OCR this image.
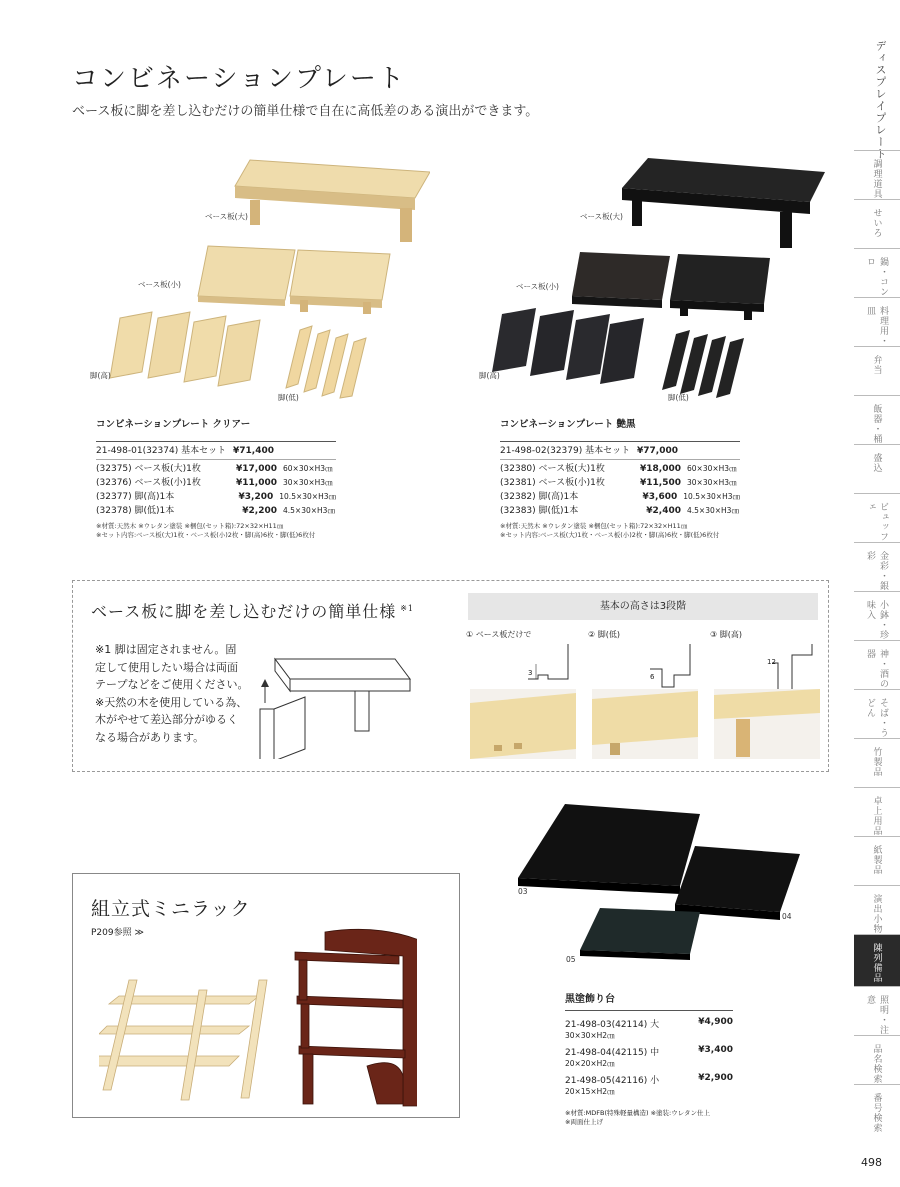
ディスプレイプレート
調理道具
せいろ
鍋・コンロ
料理用・皿
弁当
飯器・桶
盛込
ビュッフェ
金彩・銀彩
小鉢・珍味入
神・酒の器
そば・うどん
竹製品
卓上用品
紙製品
演出小物
陳列備品
照明・注意
品名検索
番号検索
コンビネーションプレート
ベース板に脚を差し込むだけの簡単仕様で自在に高低差のある演出ができます。
ベース板(大)
ベース板(小)
脚(高)
脚(低)
ベース板(大)
ベース板(小)
脚(高)
脚(低)
コンビネーションプレート クリアー
21-498-01(32374) 基本セット ¥71,400
(32375) ベース板(大)1枚	¥17,000 60×30×H3㎝
(32376) ベース板(小)1枚	¥11,000 30×30×H3㎝
(32377) 脚(高)1本	¥3,200 10.5×30×H3㎝
(32378) 脚(低)1本	¥2,200 4.5×30×H3㎝
※材質:天然木 ※ウレタン塗装 ※梱包(セット箱):72×32×H11㎝
※セット内容:ベース板(大)1枚・ベース板(小)2枚・脚(高)6枚・脚(低)6枚付
コンビネーションプレート 艶黒
21-498-02(32379) 基本セット ¥77,000
(32380) ベース板(大)1枚	¥18,000 60×30×H3㎝
(32381) ベース板(小)1枚	¥11,500 30×30×H3㎝
(32382) 脚(高)1本	¥3,600 10.5×30×H3㎝
(32383) 脚(低)1本	¥2,400 4.5×30×H3㎝
※材質:天然木 ※ウレタン塗装 ※梱包(セット箱):72×32×H11㎝
※セット内容:ベース板(大)1枚・ベース板(小)2枚・脚(高)6枚・脚(低)6枚付
ベース板に脚を差し込むだけの簡単仕様 $^{※1}$
※1 脚は固定されません。固
定して使用したい場合は両面
テープなどをご使用ください。
※天然の木を使用している為、
木がやせて差込部分がゆるく
なる場合があります。
基本の高さは3段階
① ベース板だけで	② 脚(低)	③ 脚(高)
3	6
12
03
04
05
黒塗飾り台
21-498-03(42114) 大	¥4,900
30×30×H2㎝
21-498-04(42115) 中	¥3,400
20×20×H2㎝
21-498-05(42116) 小	¥2,900
20×15×H2㎝
※材質:MDFB(特殊軽量構造) ※塗装:ウレタン仕上
※両面仕上げ
組立式ミニラック
P209参照 ≫
498
